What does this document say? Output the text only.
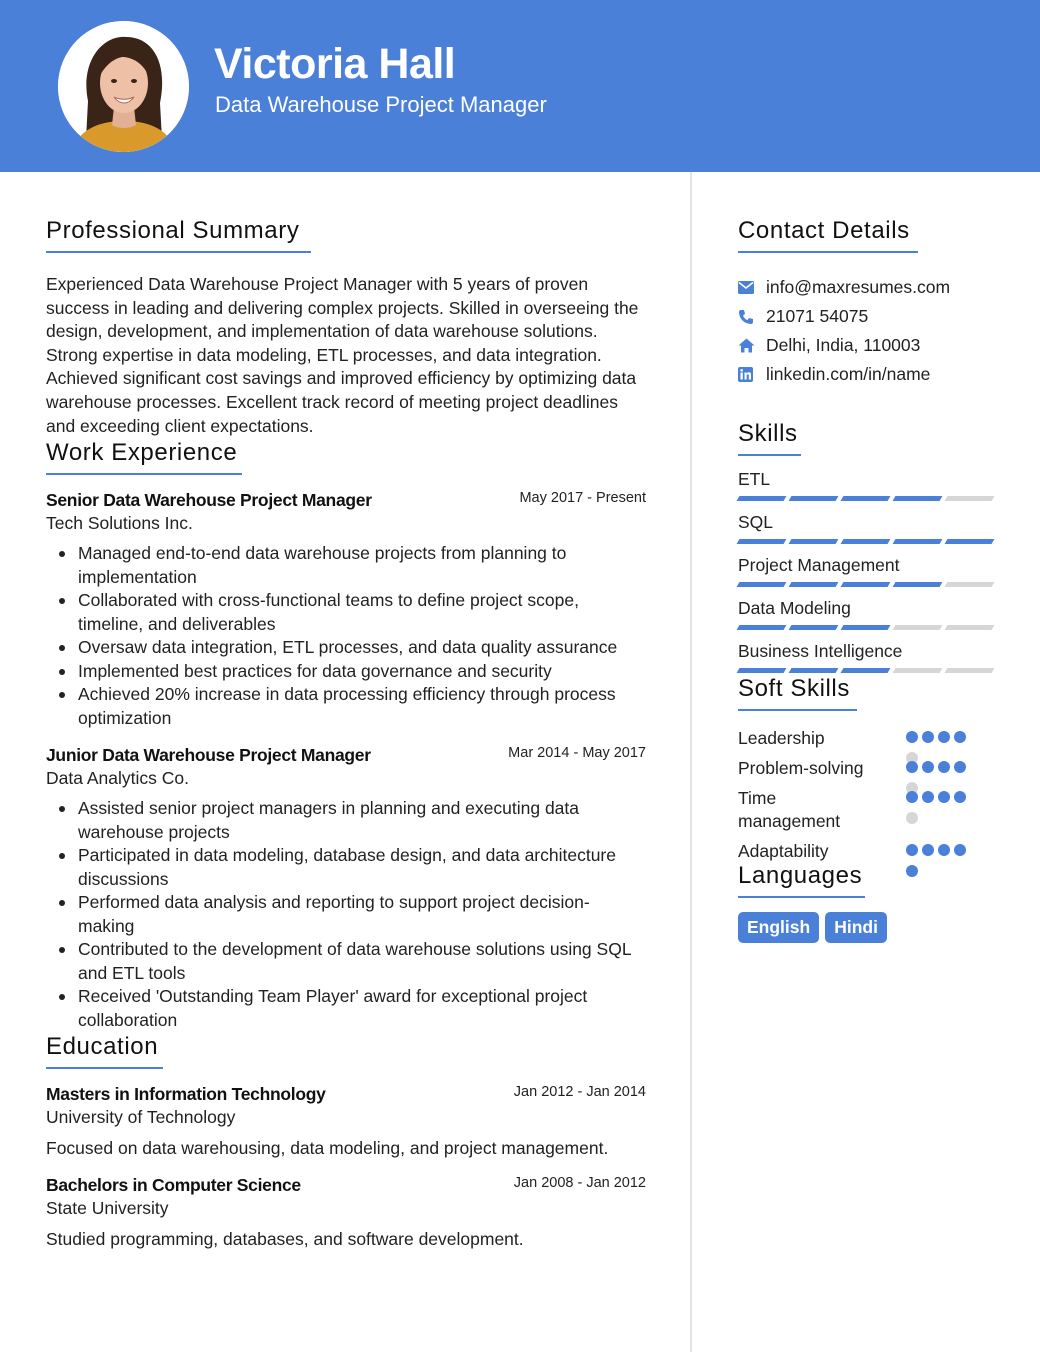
Victoria Hall
Data Warehouse Project Manager
Professional Summary

Experienced Data Warehouse Project Manager with 5 years of proven success in leading and delivering complex projects. Skilled in overseeing the design, development, and implementation of data warehouse solutions. Strong expertise in data modeling, ETL processes, and data integration. Achieved significant cost savings and improved efficiency by optimizing data warehouse processes. Excellent track record of meeting project deadlines and exceeding client expectations.

Work Experience
Senior Data Warehouse Project Manager	May 2017 - Present
Tech Solutions Inc.
Managed end-to-end data warehouse projects from planning to implementation
Collaborated with cross-functional teams to define project scope, timeline, and deliverables
Oversaw data integration, ETL processes, and data quality assurance
Implemented best practices for data governance and security
Achieved 20% increase in data processing efficiency through process optimization
Junior Data Warehouse Project Manager	Mar 2014 - May 2017
Data Analytics Co.
Assisted senior project managers in planning and executing data warehouse projects
Participated in data modeling, database design, and data architecture discussions
Performed data analysis and reporting to support project decision-making
Contributed to the development of data warehouse solutions using SQL and ETL tools
Received 'Outstanding Team Player' award for exceptional project collaboration
Education
Masters in Information Technology	Jan 2012 - Jan 2014
University of Technology
Focused on data warehousing, data modeling, and project management.
Bachelors in Computer Science	Jan 2008 - Jan 2012
State University
Studied programming, databases, and software development.
Contact Details
info@maxresumes.com
21071 54075
Delhi, India, 110003
linkedin.com/in/name
Skills
ETL
SQL
Project Management
Data Modeling
Business Intelligence
Soft Skills
Leadership
Problem-solving
Time management
Adaptability
Languages
English	Hindi
